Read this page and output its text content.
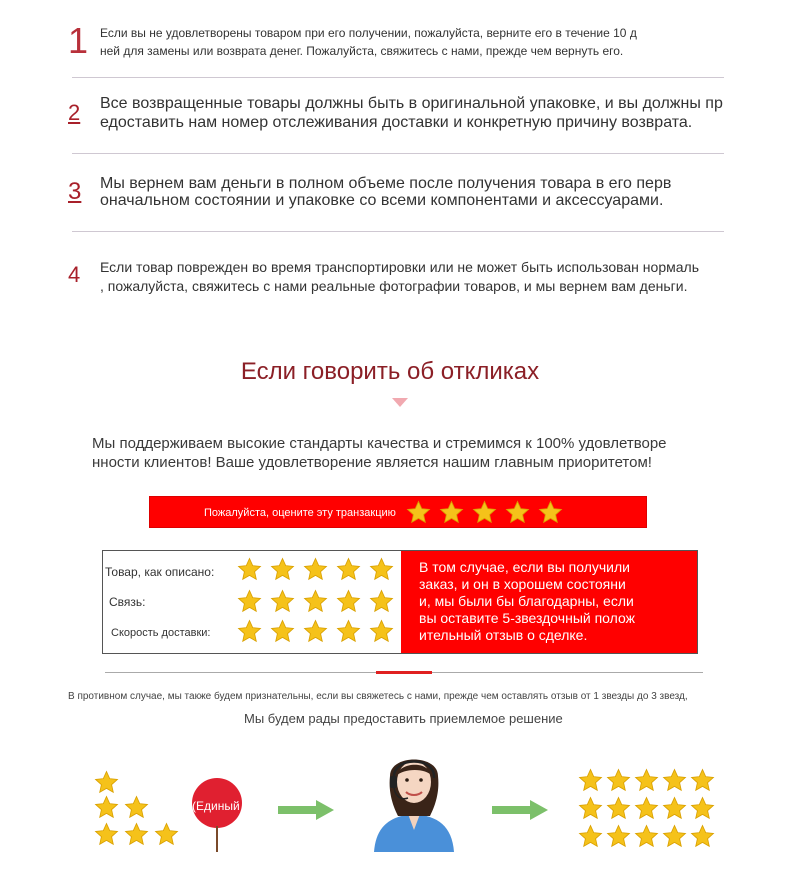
1 Если вы не удовлетворены товаром при его получении, пожалуйста, верните его в течение 10 д
ней для замены или возврата денег. Пожалуйста, свяжитесь с нами, прежде чем вернуть его.
2 Все возвращенные товары должны быть в оригинальной упаковке, и вы должны пр
едоставить нам номер отслеживания доставки и конкретную причину возврата.
3 Мы вернем вам деньги в полном объеме после получения товара в его перв
оначальном состоянии и упаковке со всеми компонентами и аксессуарами.
4 Если товар поврежден во время транспортировки или не может быть использован нормаль
, пожалуйста, свяжитесь с нами реальные фотографии товаров, и мы вернем вам деньги.
Если говорить об откликах
Мы поддерживаем высокие стандарты качества и стремимся к 100% удовлетворе
нности клиентов! Ваше удовлетворение является нашим главным приоритетом!
Пожалуйста, оцените эту транзакцию
Товар, как описано:
Связь:
Скорость доставки:
В том случае, если вы получили
заказ, и он в хорошем состояни
и, мы были бы благодарны, если
вы оставите 5-звездочный полож
ительный отзыв о сделке.
В противном случае, мы также будем признательны, если вы свяжетесь с нами, прежде чем оставлять отзыв от 1 звезды до 3 звезд,
Мы будем рады предоставить приемлемое решение
(Единый
